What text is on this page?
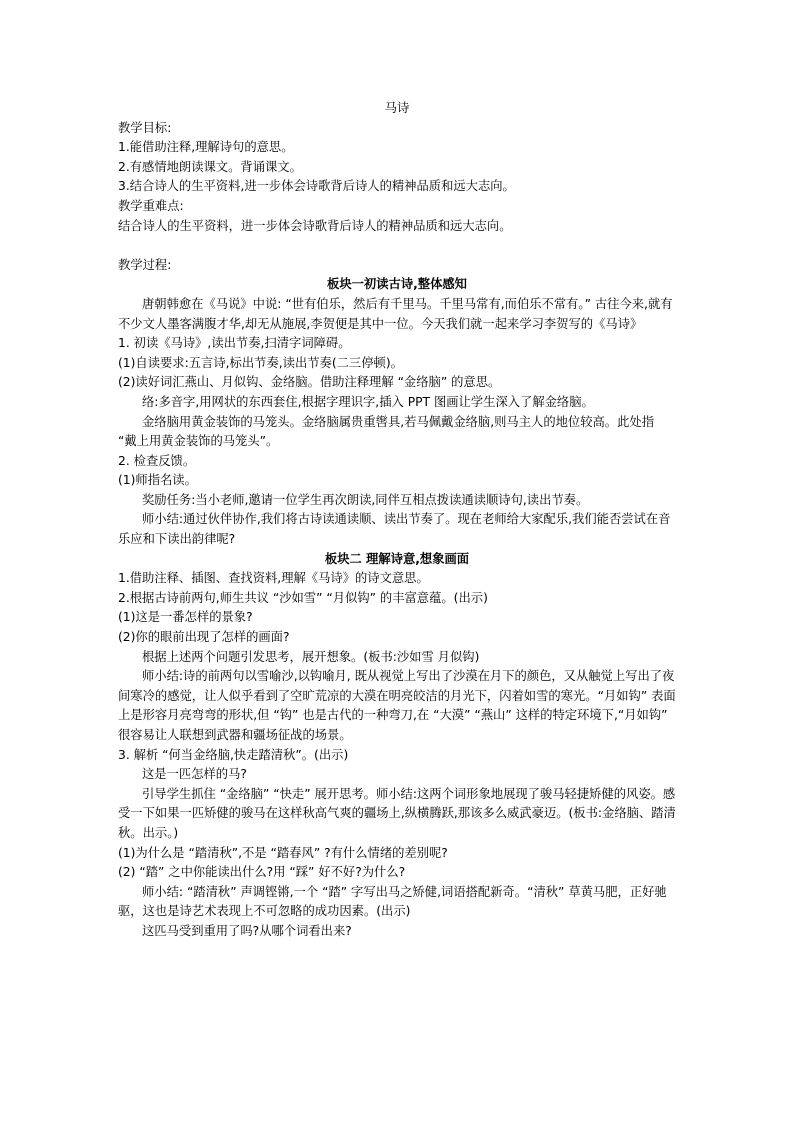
马诗
教学目标:
1.能借助注释,理解诗句的意思。
2.有感情地朗读课文。背诵课文。
3.结合诗人的生平资料,进一步体会诗歌背后诗人的精神品质和远大志向。
教学重难点:
结合诗人的生平资料，进一步体会诗歌背后诗人的精神品质和远大志向。
教学过程:
板块一初读古诗,整体感知
唐朝韩愈在《马说》中说: “世有伯乐，然后有千里马。千里马常有,而伯乐不常有。” 古往今来,就有不少文人墨客满腹才华,却无从施展,李贺便是其中一位。今天我们就一起来学习李贺写的《马诗》
1. 初读《马诗》,读出节奏,扫清字词障碍。
(1)自读要求:五言诗,标出节奏,读出节奏(二三停顿)。
(2)读好词汇燕山、月似钩、金络脑。借助注释理解 “金络脑” 的意思。
络:多音字,用网状的东西套住,根据字理识字,插入 PPT 图画让学生深入了解金络脑。
金络脑用黄金装饰的马笼头。金络脑属贵重辔具,若马佩戴金络脑,则马主人的地位较高。此处指 “戴上用黄金装饰的马笼头”。
2. 检查反馈。
(1)师指名读。
奖励任务:当小老师,邀请一位学生再次朗读,同伴互相点拨读通读顺诗句,读出节奏。
师小结:通过伙伴协作,我们将古诗读通读顺、读出节奏了。现在老师给大家配乐,我们能否尝试在音乐应和下读出韵律呢?
板块二 理解诗意,想象画面
1.借助注释、插图、查找资料,理解《马诗》的诗文意思。
2.根据古诗前两句,师生共议 “沙如雪” “月似钩” 的丰富意蕴。(出示)
(1)这是一番怎样的景象?
(2)你的眼前出现了怎样的画面?
根据上述两个问题引发思考，展开想象。(板书:沙如雪 月似钩)
师小结:诗的前两句以雪喻沙,以钩喻月, 既从视觉上写出了沙漠在月下的颜色，又从触觉上写出了夜间寒冷的感觉，让人似乎看到了空旷荒凉的大漠在明亮皎洁的月光下，闪着如雪的寒光。“月如钩” 表面上是形容月亮弯弯的形状,但 “钩” 也是古代的一种弯刀,在 “大漠” “燕山” 这样的特定环境下,“月如钩” 很容易让人联想到武器和疆场征战的场景。
3. 解析 “何当金络脑,快走踏清秋”。(出示)
这是一匹怎样的马?
引导学生抓住 “金络脑” “快走” 展开思考。师小结:这两个词形象地展现了骏马轻捷矫健的风姿。感受一下如果一匹矫健的骏马在这样秋高气爽的疆场上,纵横腾跃,那该多么威武豪迈。(板书:金络脑、踏清秋。出示。)
(1)为什么是 “踏清秋”,不是 “踏春风” ?有什么情绪的差别呢?
(2) “踏” 之中你能读出什么?用 “踩” 好不好?为什么?
师小结: “踏清秋” 声调铿锵,一个 “踏” 字写出马之矫健,词语搭配新奇。“清秋” 草黄马肥，正好驰驱，这也是诗艺术表现上不可忽略的成功因素。(出示)
这匹马受到重用了吗?从哪个词看出来?
